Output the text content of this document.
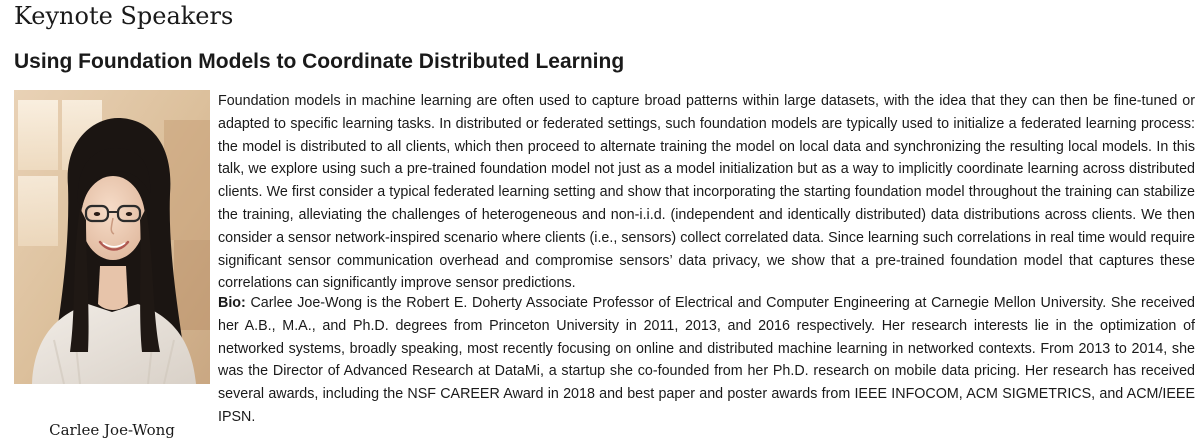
Keynote Speakers
Using Foundation Models to Coordinate Distributed Learning
Carlee Joe-Wong

Foundation models in machine learning are often used to capture broad patterns within large datasets, with the idea that they can then be fine-tuned or adapted to specific learning tasks. In distributed or federated settings, such foundation models are typically used to initialize a federated learning process: the model is distributed to all clients, which then proceed to alternate training the model on local data and synchronizing the resulting local models. In this talk, we explore using such a pre-trained foundation model not just as a model initialization but as a way to implicitly coordinate learning across distributed clients. We first consider a typical federated learning setting and show that incorporating the starting foundation model throughout the training can stabilize the training, alleviating the challenges of heterogeneous and non-i.i.d. (independent and identically distributed) data distributions across clients. We then consider a sensor network-inspired scenario where clients (i.e., sensors) collect correlated data. Since learning such correlations in real time would require significant sensor communication overhead and compromise sensors’ data privacy, we show that a pre-trained foundation model that captures these correlations can significantly improve sensor predictions.

Bio: Carlee Joe-Wong is the Robert E. Doherty Associate Professor of Electrical and Computer Engineering at Carnegie Mellon University. She received her A.B., M.A., and Ph.D. degrees from Princeton University in 2011, 2013, and 2016 respectively. Her research interests lie in the optimization of networked systems, broadly speaking, most recently focusing on online and distributed machine learning in networked contexts. From 2013 to 2014, she was the Director of Advanced Research at DataMi, a startup she co-founded from her Ph.D. research on mobile data pricing. Her research has received several awards, including the NSF CAREER Award in 2018 and best paper and poster awards from IEEE INFOCOM, ACM SIGMETRICS, and ACM/IEEE IPSN.
